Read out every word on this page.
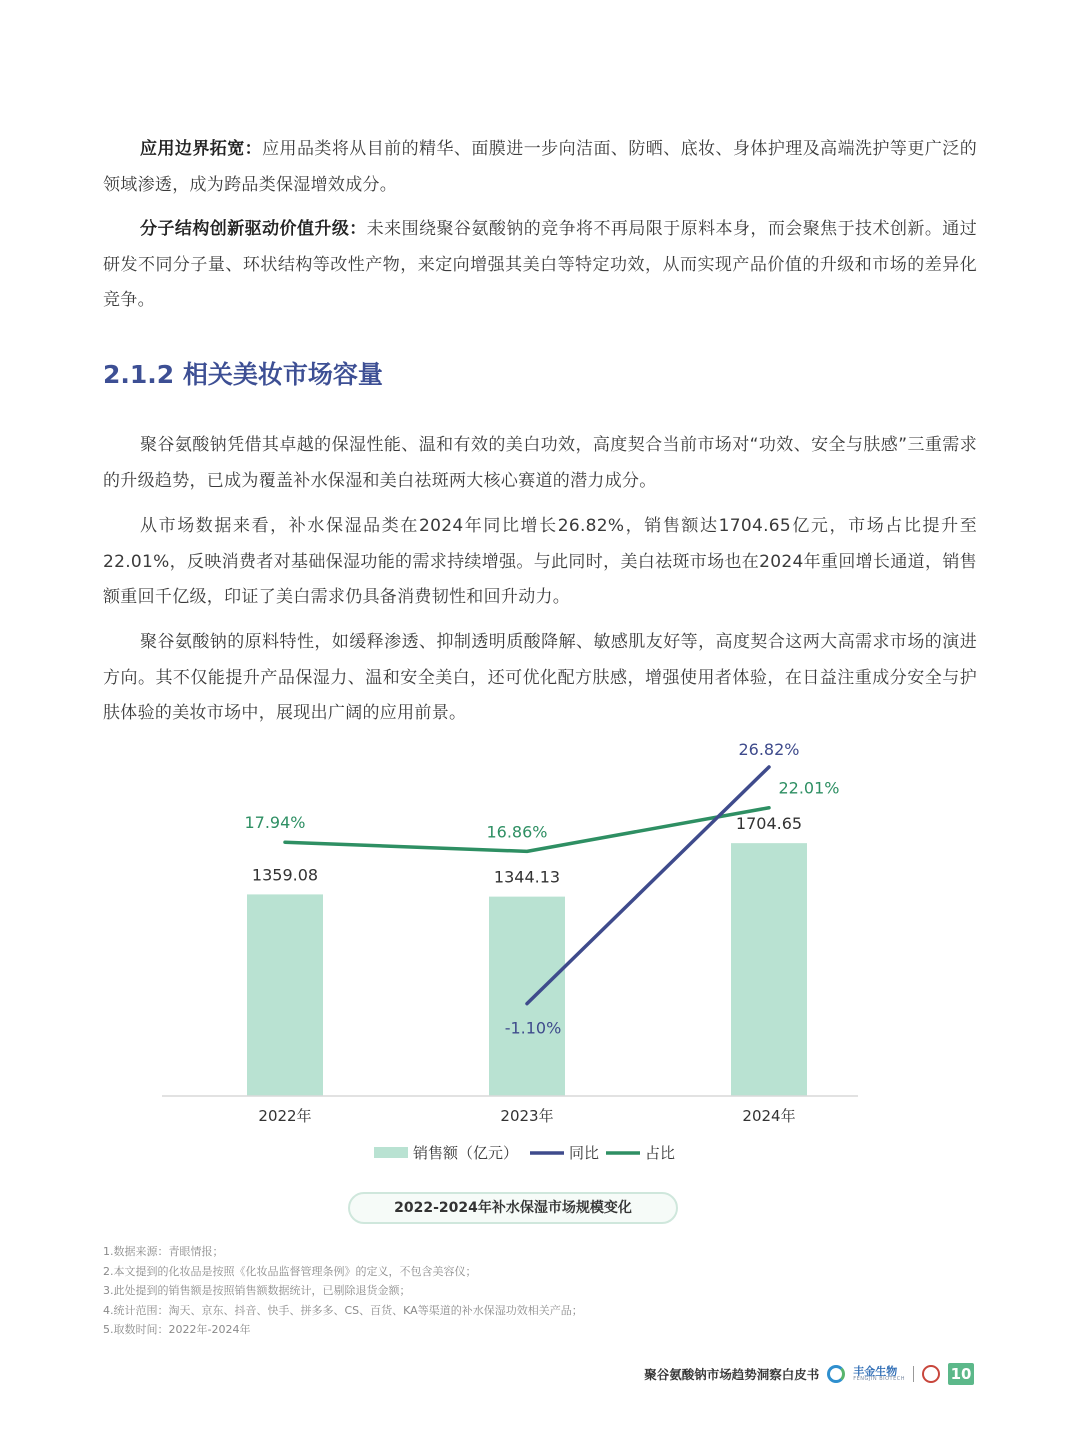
应用边界拓宽：应用品类将从目前的精华、面膜进一步向洁面、防晒、底妆、身体护理及高端洗护等更广泛的领域渗透，成为跨品类保湿增效成分。
分子结构创新驱动价值升级：未来围绕聚谷氨酸钠的竞争将不再局限于原料本身，而会聚焦于技术创新。通过研发不同分子量、环状结构等改性产物，来定向增强其美白等特定功效，从而实现产品价值的升级和市场的差异化竞争。
2.1.2 相关美妆市场容量
聚谷氨酸钠凭借其卓越的保湿性能、温和有效的美白功效，高度契合当前市场对“功效、安全与肤感”三重需求的升级趋势，已成为覆盖补水保湿和美白祛斑两大核心赛道的潜力成分。
从市场数据来看，补水保湿品类在2024年同比增长26.82%，销售额达1704.65亿元，市场占比提升至22.01%，反映消费者对基础保湿功能的需求持续增强。与此同时，美白祛斑市场也在2024年重回增长通道，销售额重回千亿级，印证了美白需求仍具备消费韧性和回升动力。
聚谷氨酸钠的原料特性，如缓释渗透、抑制透明质酸降解、敏感肌友好等，高度契合这两大高需求市场的演进方向。其不仅能提升产品保湿力、温和安全美白，还可优化配方肤感，增强使用者体验，在日益注重成分安全与护肤体验的美妆市场中，展现出广阔的应用前景。
1359.08	1344.13
1704.65
17.94%	16.86%
22.01%
-1.10%
26.82%
2022年	2023年	2024年
销售额（亿元）	同比	占比
2022-2024年补水保湿市场规模变化
1.数据来源：青眼情报；
2.本文提到的化妆品是按照《化妆品监督管理条例》的定义，不包含美容仪；
3.此处提到的销售额是按照销售额数据统计，已剔除退货金额；
4.统计范围：淘天、京东、抖音、快手、拼多多、CS、百货、KA等渠道的补水保湿功效相关产品；
5.取数时间：2022年-2024年
聚谷氨酸钠市场趋势洞察白皮书	丰金生物
FENGJIN BIOTECH	10
